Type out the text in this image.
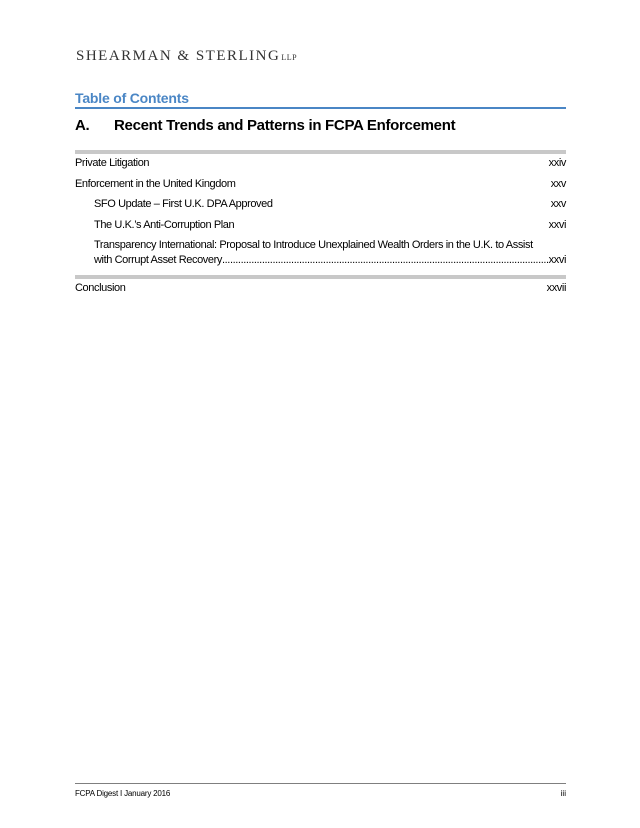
SHEARMAN & STERLINGLLP
Table of Contents
A. Recent Trends and Patterns in FCPA Enforcement
Private Litigation	xxiv
Enforcement in the United Kingdom	xxv
SFO Update – First U.K. DPA Approved	xxv
The U.K.’s Anti-Corruption Plan	xxvi
Transparency International: Proposal to Introduce Unexplained Wealth Orders in the U.K. to Assist
with Corrupt Asset Recovery
.....	xxvi
Conclusion	xxvii
FCPA Digest I January 2016	iii
